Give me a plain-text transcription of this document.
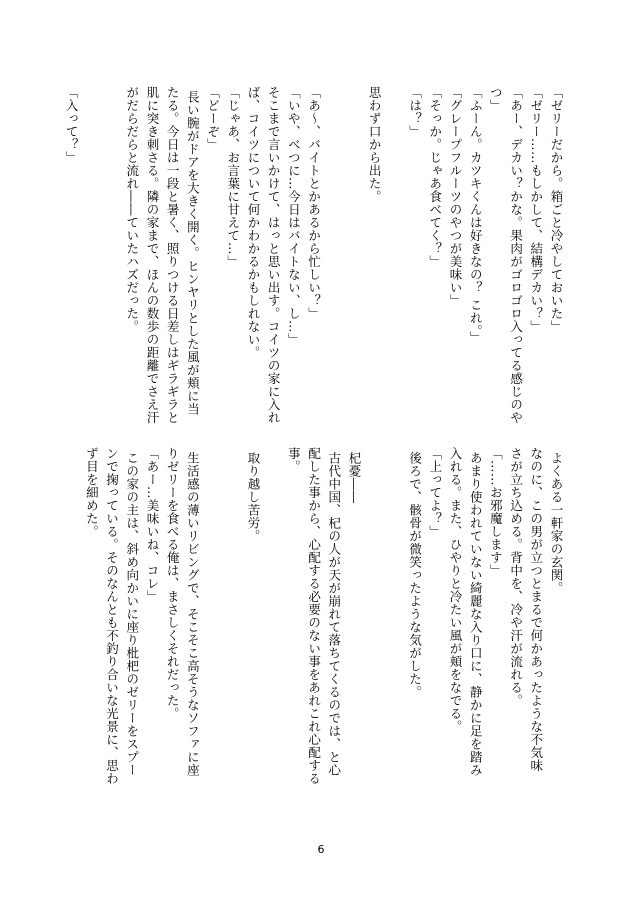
「ゼリーだから。箱ごと冷やしておいた」
「ゼリー……もしかして、結構デカい？」
「あー、デカい？かな。果肉がゴロゴロ入ってる感じのや
つ」
「ふーん。カツキくんは好きなの？ これ。」
「グレープフルーツのやつが美味い」
「そっか。じゃあ食べてく？」
「は？」

思わず口から出た。

「あ〜、バイトとかあるから忙しい？」
「いや、べつに…今日はバイトない、し…」
そこまで言いかけて、はっと思い出す。コイツの家に入れ
ば、コイツについて何かわかるかもしれない。
「じゃあ、お言葉に甘えて…」
「どーぞ」
長い腕がドアを大きく開く。ヒンヤリとした風が頬に当
たる。今日は一段と暑く、照りつける日差しはギラギラと
肌に突き刺さる。隣の家まで、ほんの数歩の距離でさえ汗
がだらだらと流れ――ていたハズだった。

「入って？」
よくある一軒家の玄関。
なのに、この男が立つとまるで何かあったような不気味
さが立ち込める。背中を、冷や汗が流れる。
「……お邪魔します」
あまり使われていない綺麗な入り口に、静かに足を踏み
入れる。また、ひやりと冷たい風が頬をなでる。
「上ってよ？」
後ろで、骸骨が微笑ったような気がした。

杞憂――
古代中国、杞の人が天が崩れて落ちてくるのでは、と心
配した事から、心配する必要のない事をあれこれ心配する
事。

取り越し苦労。

生活感の薄いリビングで、そこそこ高そうなソファに座
りゼリーを食べる俺は、まさしくそれだった。
「あー…美味いね、コレ」
この家の主は、斜め向かいに座り枇杷のゼリーをスプー
ンで掬っている。そのなんとも不釣り合いな光景に、思わ
ず目を細めた。
6
